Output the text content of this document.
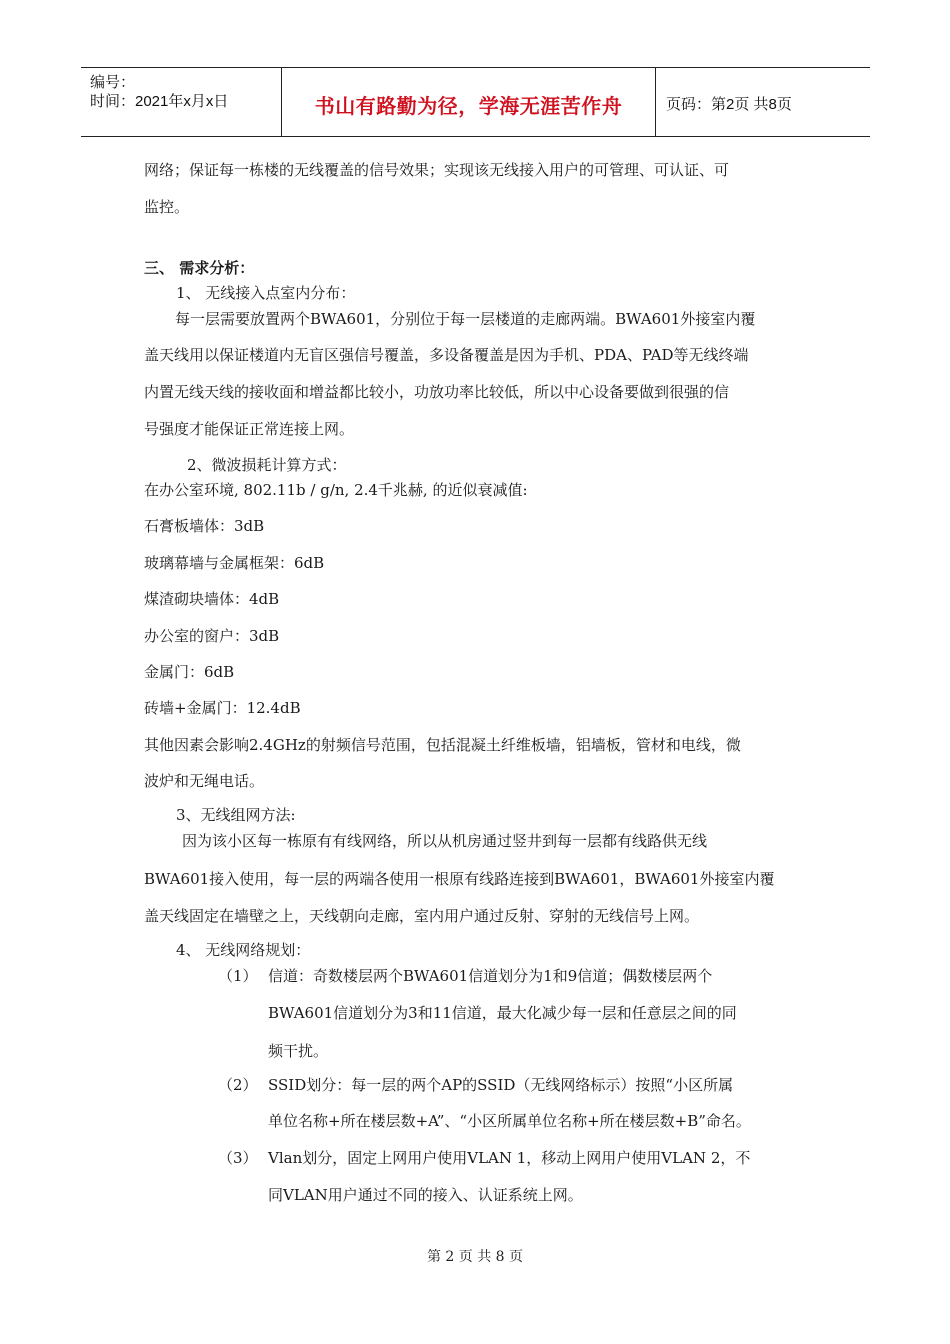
编号：
时间：2021年x月x日	书山有路勤为径，学海无涯苦作舟	页码：第2页 共8页
网络；保证每一栋楼的无线覆盖的信号效果；实现该无线接入用户的可管理、可认证、可
监控。
三、 需求分析：
1、 无线接入点室内分布：
每一层需要放置两个BWA601，分别位于每一层楼道的走廊两端。BWA601外接室内覆
盖天线用以保证楼道内无盲区强信号覆盖，多设备覆盖是因为手机、PDA、PAD等无线终端
内置无线天线的接收面和增益都比较小，功放功率比较低，所以中心设备要做到很强的信
号强度才能保证正常连接上网。
2、微波损耗计算方式：
在办公室环境, 802.11b / g/n, 2.4千兆赫, 的近似衰减值:
石膏板墙体：3dB
玻璃幕墙与金属框架：6dB
煤渣砌块墙体：4dB
办公室的窗户：3dB
金属门：6dB
砖墙+金属门：12.4dB
其他因素会影响2.4GHz的射频信号范围，包括混凝土纤维板墙，铝墙板，管材和电线，微
波炉和无绳电话。
3、无线组网方法:
因为该小区每一栋原有有线网络，所以从机房通过竖井到每一层都有线路供无线
BWA601接入使用，每一层的两端各使用一根原有线路连接到BWA601，BWA601外接室内覆
盖天线固定在墙壁之上，天线朝向走廊，室内用户通过反射、穿射的无线信号上网。
4、 无线网络规划：
（1） 信道：奇数楼层两个BWA601信道划分为1和9信道；偶数楼层两个
BWA601信道划分为3和11信道，最大化减少每一层和任意层之间的同
频干扰。
（2） SSID划分：每一层的两个AP的SSID（无线网络标示）按照“小区所属
单位名称+所在楼层数+A”、“小区所属单位名称+所在楼层数+B”命名。
（3） Vlan划分，固定上网用户使用VLAN 1，移动上网用户使用VLAN 2，不
同VLAN用户通过不同的接入、认证系统上网。
第 2 页 共 8 页
